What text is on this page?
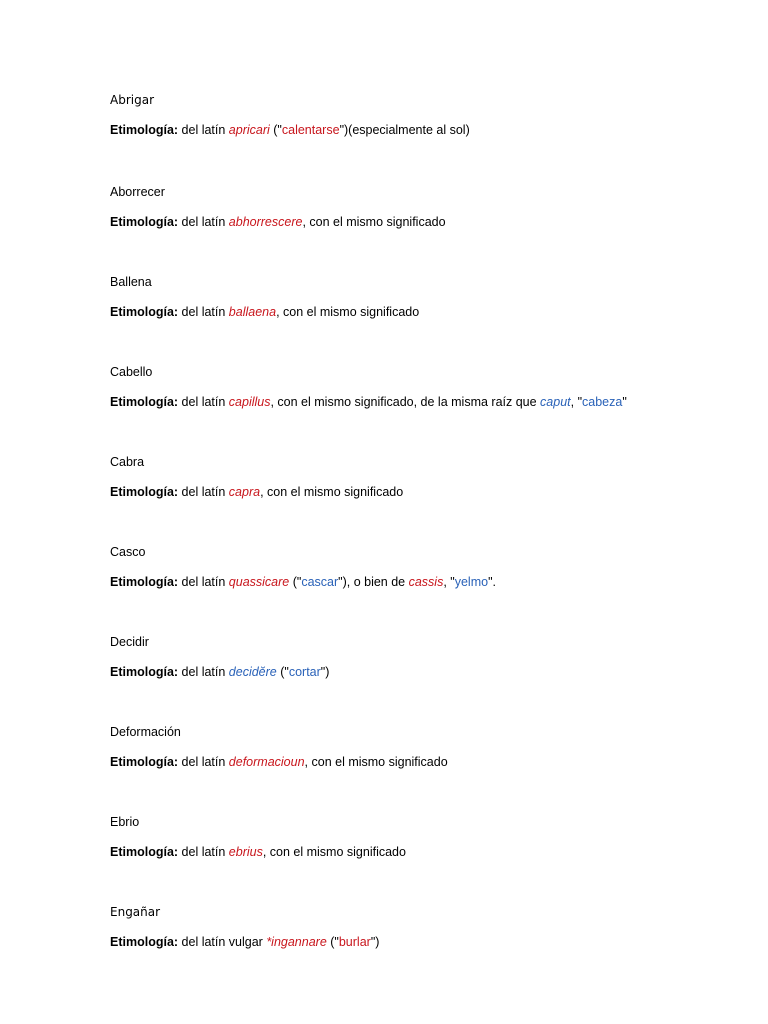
Abrigar
Etimología: del latín apricari ("calentarse")(especialmente al sol)
Aborrecer
Etimología: del latín abhorrescere, con el mismo significado
Ballena
Etimología: del latín ballaena, con el mismo significado
Cabello
Etimología: del latín capillus, con el mismo significado, de la misma raíz que caput, "cabeza"
Cabra
Etimología: del latín capra, con el mismo significado
Casco
Etimología: del latín quassicare ("cascar"), o bien de cassis, "yelmo".
Decidir
Etimología: del latín decidĕre ("cortar")
Deformación
Etimología: del latín deformacioun, con el mismo significado
Ebrio
Etimología: del latín ebrius, con el mismo significado
Engañar
Etimología: del latín vulgar *ingannare ("burlar")
